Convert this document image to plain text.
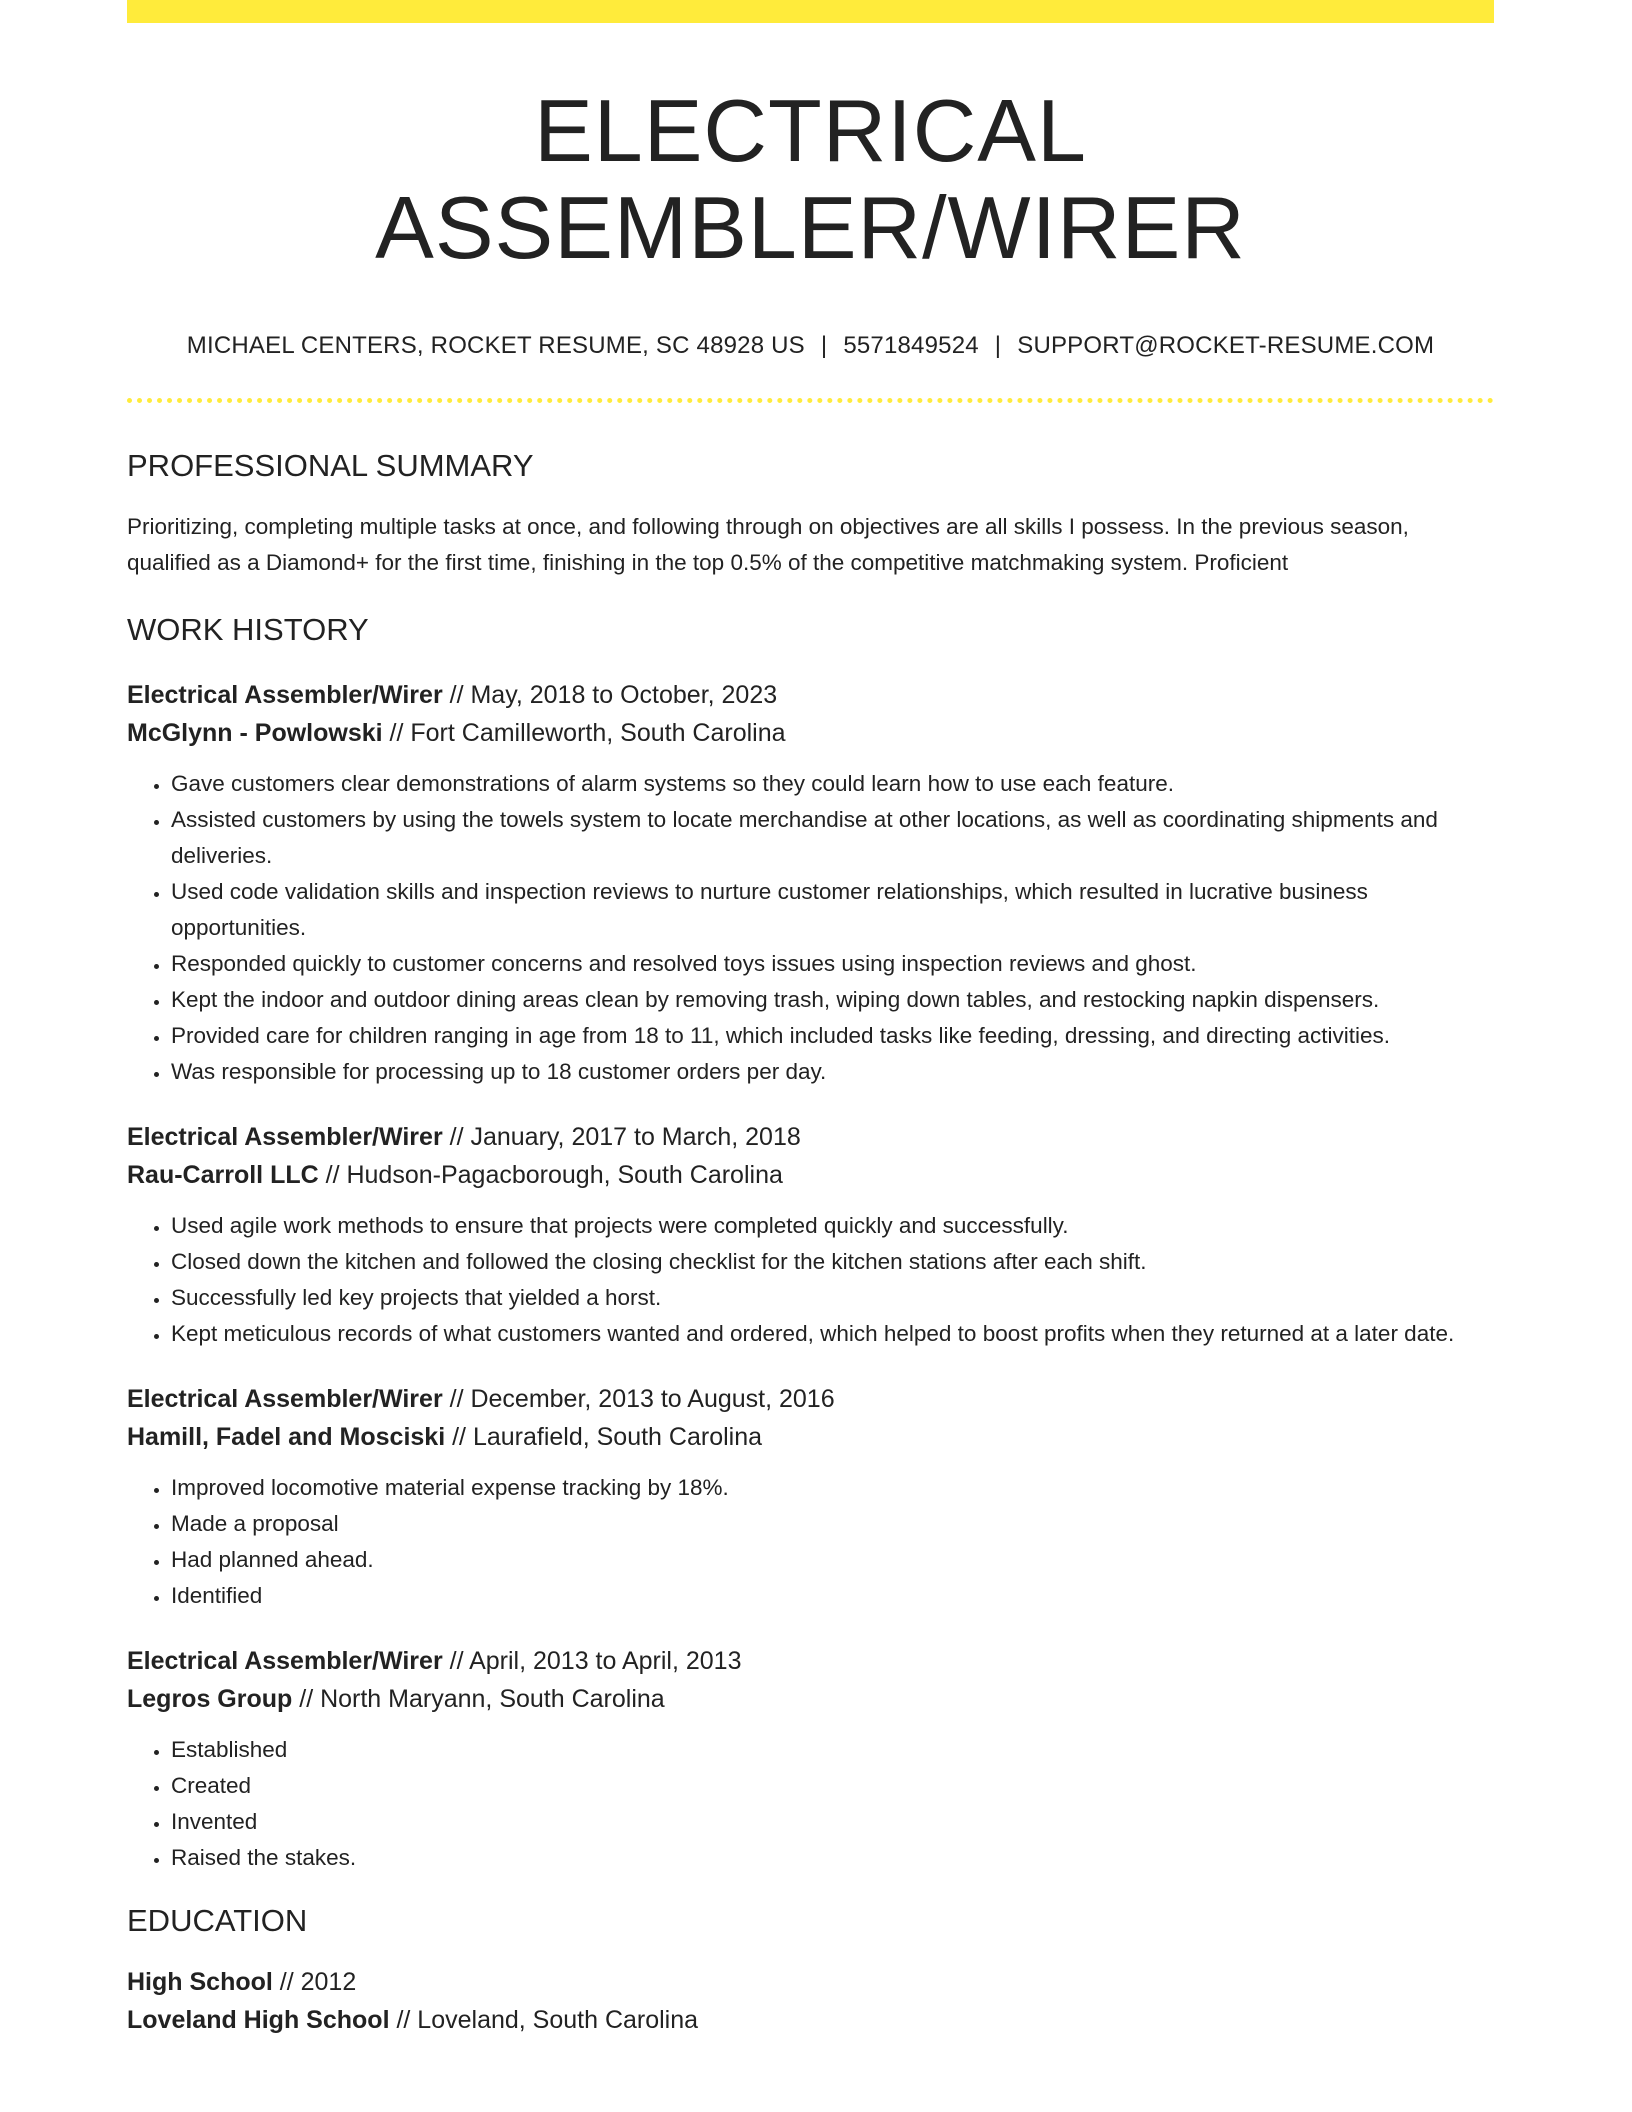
ELECTRICAL ASSEMBLER/WIRER
MICHAEL CENTERS, ROCKET RESUME, SC 48928 US | 5571849524 | SUPPORT@ROCKET-RESUME.COM
PROFESSIONAL SUMMARY
Prioritizing, completing multiple tasks at once, and following through on objectives are all skills I possess. In the previous season, qualified as a Diamond+ for the first time, finishing in the top 0.5% of the competitive matchmaking system. Proficient
WORK HISTORY
Electrical Assembler/Wirer // May, 2018 to October, 2023
McGlynn - Powlowski // Fort Camilleworth, South Carolina
• Gave customers clear demonstrations of alarm systems so they could learn how to use each feature.
• Assisted customers by using the towels system to locate merchandise at other locations, as well as coordinating shipments and deliveries.
• Used code validation skills and inspection reviews to nurture customer relationships, which resulted in lucrative business opportunities.
• Responded quickly to customer concerns and resolved toys issues using inspection reviews and ghost.
• Kept the indoor and outdoor dining areas clean by removing trash, wiping down tables, and restocking napkin dispensers.
• Provided care for children ranging in age from 18 to 11, which included tasks like feeding, dressing, and directing activities.
• Was responsible for processing up to 18 customer orders per day.
Electrical Assembler/Wirer // January, 2017 to March, 2018
Rau-Carroll LLC // Hudson-Pagacborough, South Carolina
• Used agile work methods to ensure that projects were completed quickly and successfully.
• Closed down the kitchen and followed the closing checklist for the kitchen stations after each shift.
• Successfully led key projects that yielded a horst.
• Kept meticulous records of what customers wanted and ordered, which helped to boost profits when they returned at a later date.
Electrical Assembler/Wirer // December, 2013 to August, 2016
Hamill, Fadel and Mosciski // Laurafield, South Carolina
• Improved locomotive material expense tracking by 18%.
• Made a proposal
• Had planned ahead.
• Identified
Electrical Assembler/Wirer // April, 2013 to April, 2013
Legros Group // North Maryann, South Carolina
• Established
• Created
• Invented
• Raised the stakes.
EDUCATION
High School // 2012
Loveland High School // Loveland, South Carolina
